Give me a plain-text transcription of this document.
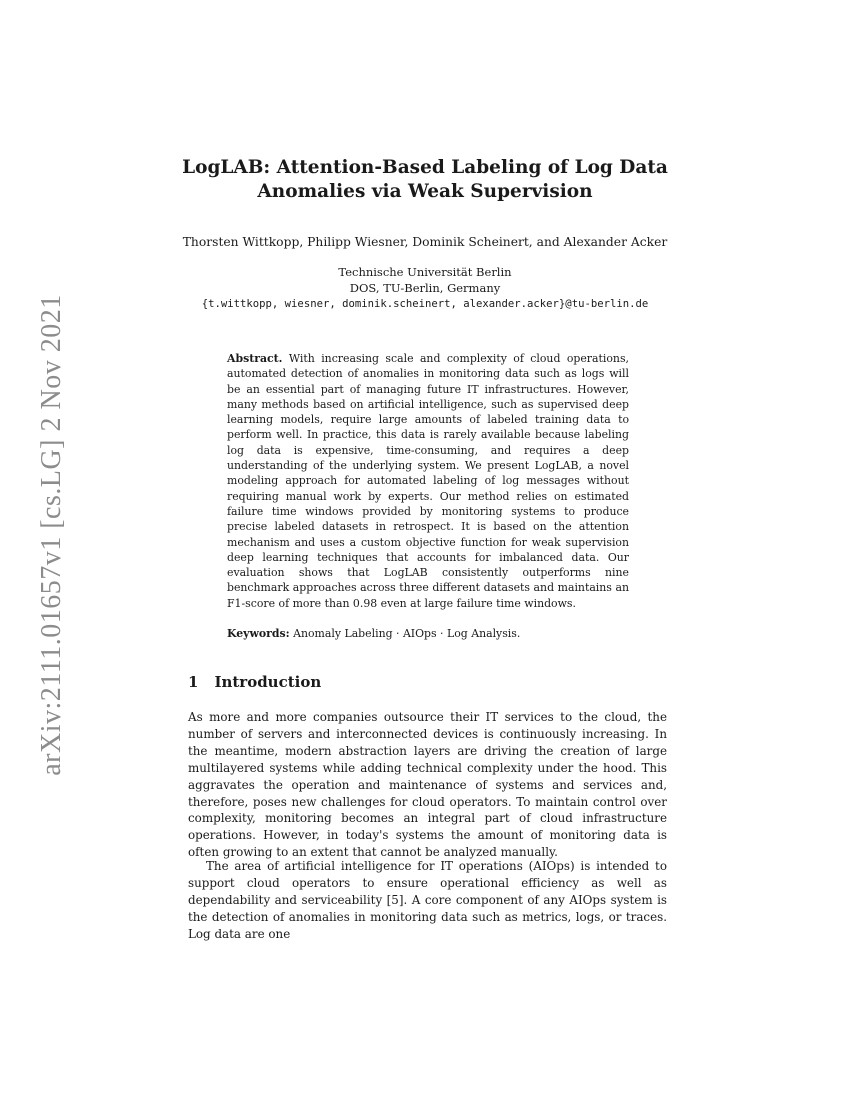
arXiv:2111.01657v1 [cs.LG] 2 Nov 2021
LogLAB: Attention-Based Labeling of Log Data
Anomalies via Weak Supervision
Thorsten Wittkopp, Philipp Wiesner, Dominik Scheinert, and Alexander Acker
Technische Universität Berlin
DOS, TU-Berlin, Germany
{t.wittkopp, wiesner, dominik.scheinert, alexander.acker}@tu-berlin.de
Abstract. With increasing scale and complexity of cloud operations, automated detection of anomalies in monitoring data such as logs will be an essential part of managing future IT infrastructures. However, many methods based on artificial intelligence, such as supervised deep learning models, require large amounts of labeled training data to perform well. In practice, this data is rarely available because labeling log data is expensive, time-consuming, and requires a deep understanding of the underlying system. We present LogLAB, a novel modeling approach for automated labeling of log messages without requiring manual work by experts. Our method relies on estimated failure time windows provided by monitoring systems to produce precise labeled datasets in retrospect. It is based on the attention mechanism and uses a custom objective function for weak supervision deep learning techniques that accounts for imbalanced data. Our evaluation shows that LogLAB consistently outperforms nine benchmark approaches across three different datasets and maintains an F1-score of more than 0.98 even at large failure time windows.
Keywords: Anomaly Labeling · AIOps · Log Analysis.
1 Introduction

As more and more companies outsource their IT services to the cloud, the number of servers and interconnected devices is continuously increasing. In the meantime, modern abstraction layers are driving the creation of large multilayered systems while adding technical complexity under the hood. This aggravates the operation and maintenance of systems and services and, therefore, poses new challenges for cloud operators. To maintain control over complexity, monitoring becomes an integral part of cloud infrastructure operations. However, in today's systems the amount of monitoring data is often growing to an extent that cannot be analyzed manually.

The area of artificial intelligence for IT operations (AIOps) is intended to support cloud operators to ensure operational efficiency as well as dependability and serviceability [5]. A core component of any AIOps system is the detection of anomalies in monitoring data such as metrics, logs, or traces. Log data are one
